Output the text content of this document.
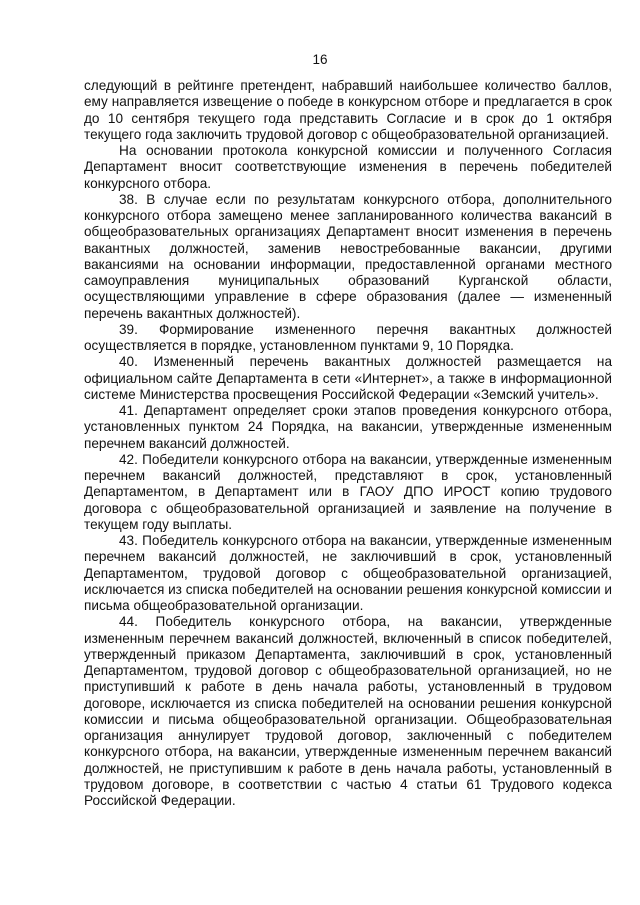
16

следующий в рейтинге претендент, набравший наибольшее количество баллов, ему направляется извещение о победе в конкурсном отборе и предлагается в срок до 10 сентября текущего года представить Согласие и в срок до 1 октября текущего года заключить трудовой договор с общеобразовательной организацией.

На основании протокола конкурсной комиссии и полученного Согласия Департамент вносит соответствующие изменения в перечень победителей конкурсного отбора.

38. В случае если по результатам конкурсного отбора, дополнительного конкурсного отбора замещено менее запланированного количества вакансий в общеобразовательных организациях Департамент вносит изменения в перечень вакантных должностей, заменив невостребованные вакансии, другими вакансиями на основании информации, предоставленной органами местного самоуправления муниципальных образований Курганской области, осуществляющими управление в сфере образования (далее — измененный перечень вакантных должностей).

39. Формирование измененного перечня вакантных должностей осуществляется в порядке, установленном пунктами 9, 10 Порядка.

40. Измененный перечень вакантных должностей размещается на официальном сайте Департамента в сети «Интернет», а также в информационной системе Министерства просвещения Российской Федерации «Земский учитель».

41. Департамент определяет сроки этапов проведения конкурсного отбора, установленных пунктом 24 Порядка, на вакансии, утвержденные измененным перечнем вакансий должностей.

42. Победители конкурсного отбора на вакансии, утвержденные измененным перечнем вакансий должностей, представляют в срок, установленный Департаментом, в Департамент или в ГАОУ ДПО ИРОСТ копию трудового договора с общеобразовательной организацией и заявление на получение в текущем году выплаты.

43. Победитель конкурсного отбора на вакансии, утвержденные измененным перечнем вакансий должностей, не заключивший в срок, установленный Департаментом, трудовой договор с общеобразовательной организацией, исключается из списка победителей на основании решения конкурсной комиссии и письма общеобразовательной организации.

44. Победитель конкурсного отбора, на вакансии, утвержденные измененным перечнем вакансий должностей, включенный в список победителей, утвержденный приказом Департамента, заключивший в срок, установленный Департаментом, трудовой договор с общеобразовательной организацией, но не приступивший к работе в день начала работы, установленный в трудовом договоре, исключается из списка победителей на основании решения конкурсной комиссии и письма общеобразовательной организации. Общеобразовательная организация аннулирует трудовой договор, заключенный с победителем конкурсного отбора, на вакансии, утвержденные измененным перечнем вакансий должностей, не приступившим к работе в день начала работы, установленный в трудовом договоре, в соответствии с частью 4 статьи 61 Трудового кодекса Российской Федерации.
